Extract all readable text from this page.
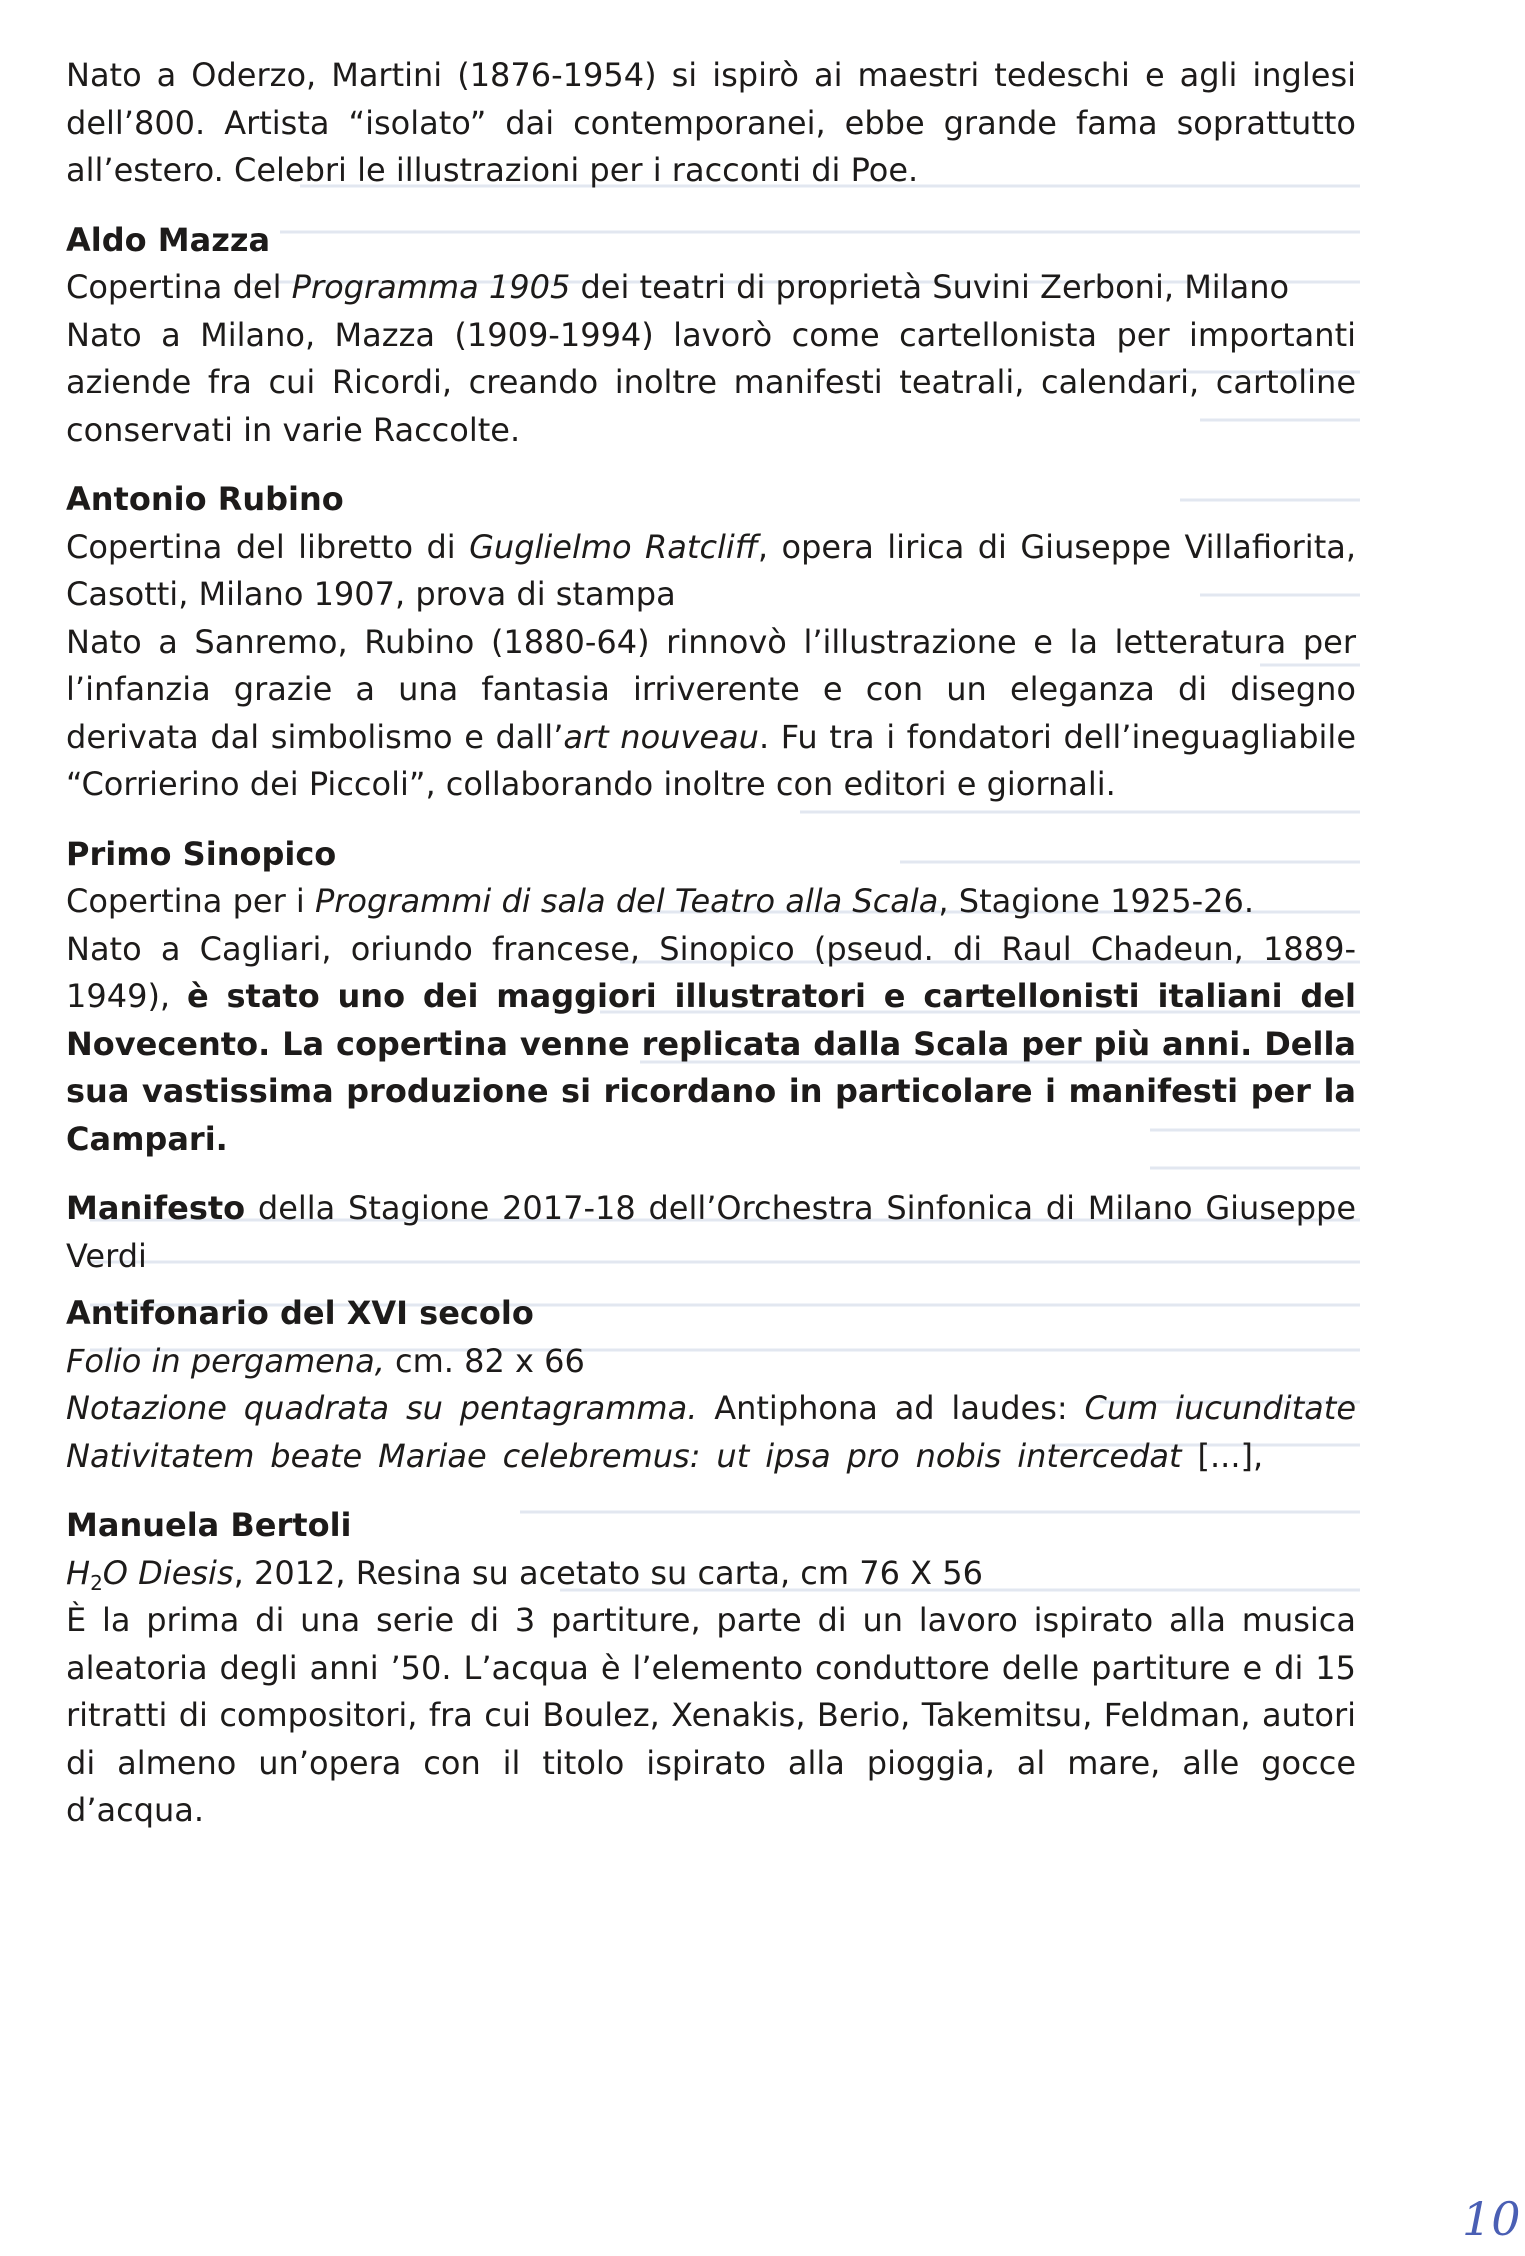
Nato a Oderzo, Martini (1876-1954) si ispirò ai maestri tedeschi e agli inglesi dell’800. Artista “isolato” dai contemporanei, ebbe grande fama soprattutto all’estero. Celebri le illustrazioni per i racconti di Poe.

Aldo Mazza

Copertina del Programma 1905 dei teatri di proprietà Suvini Zerboni, Milano

Nato a Milano, Mazza (1909-1994) lavorò come cartellonista per importanti aziende fra cui Ricordi, creando inoltre manifesti teatrali, calendari, cartoline conservati in varie Raccolte.

Antonio Rubino

Copertina del libretto di Guglielmo Ratcliff, opera lirica di Giuseppe Villafiorita, Casotti, Milano 1907, prova di stampa

Nato a Sanremo, Rubino (1880-64) rinnovò l’illustrazione e la letteratura per l’infanzia grazie a una fantasia irriverente e con un eleganza di disegno derivata dal simbolismo e dall’art nouveau. Fu tra i fondatori dell’ineguagliabile “Corrierino dei Piccoli”, collaborando inoltre con editori e giornali.

Primo Sinopico

Copertina per i Programmi di sala del Teatro alla Scala, Stagione 1925-26.

Nato a Cagliari, oriundo francese, Sinopico (pseud. di Raul Chadeun, 1889-1949), è stato uno dei maggiori illustratori e cartellonisti italiani del Novecento. La copertina venne replicata dalla Scala per più anni. Della sua vastissima produzione si ricordano in particolare i manifesti per la Campari.

Manifesto della Stagione 2017-18 dell’Orchestra Sinfonica di Milano Giuseppe Verdi

Antifonario del XVI secolo

Folio in pergamena, cm. 82 x 66

Notazione quadrata su pentagramma. Antiphona ad laudes: Cum iucunditate Nativitatem beate Mariae celebremus: ut ipsa pro nobis intercedat [...],

Manuela Bertoli

$H_2O$ Diesis, 2012, Resina su acetato su carta, cm 76 X 56

È la prima di una serie di 3 partiture, parte di un lavoro ispirato alla musica aleatoria degli anni ’50. L’acqua è l’elemento conduttore delle partiture e di 15 ritratti di compositori, fra cui Boulez, Xenakis, Berio, Takemitsu, Feldman, autori di almeno un’opera con il titolo ispirato alla pioggia, al mare, alle gocce d’acqua.

10
